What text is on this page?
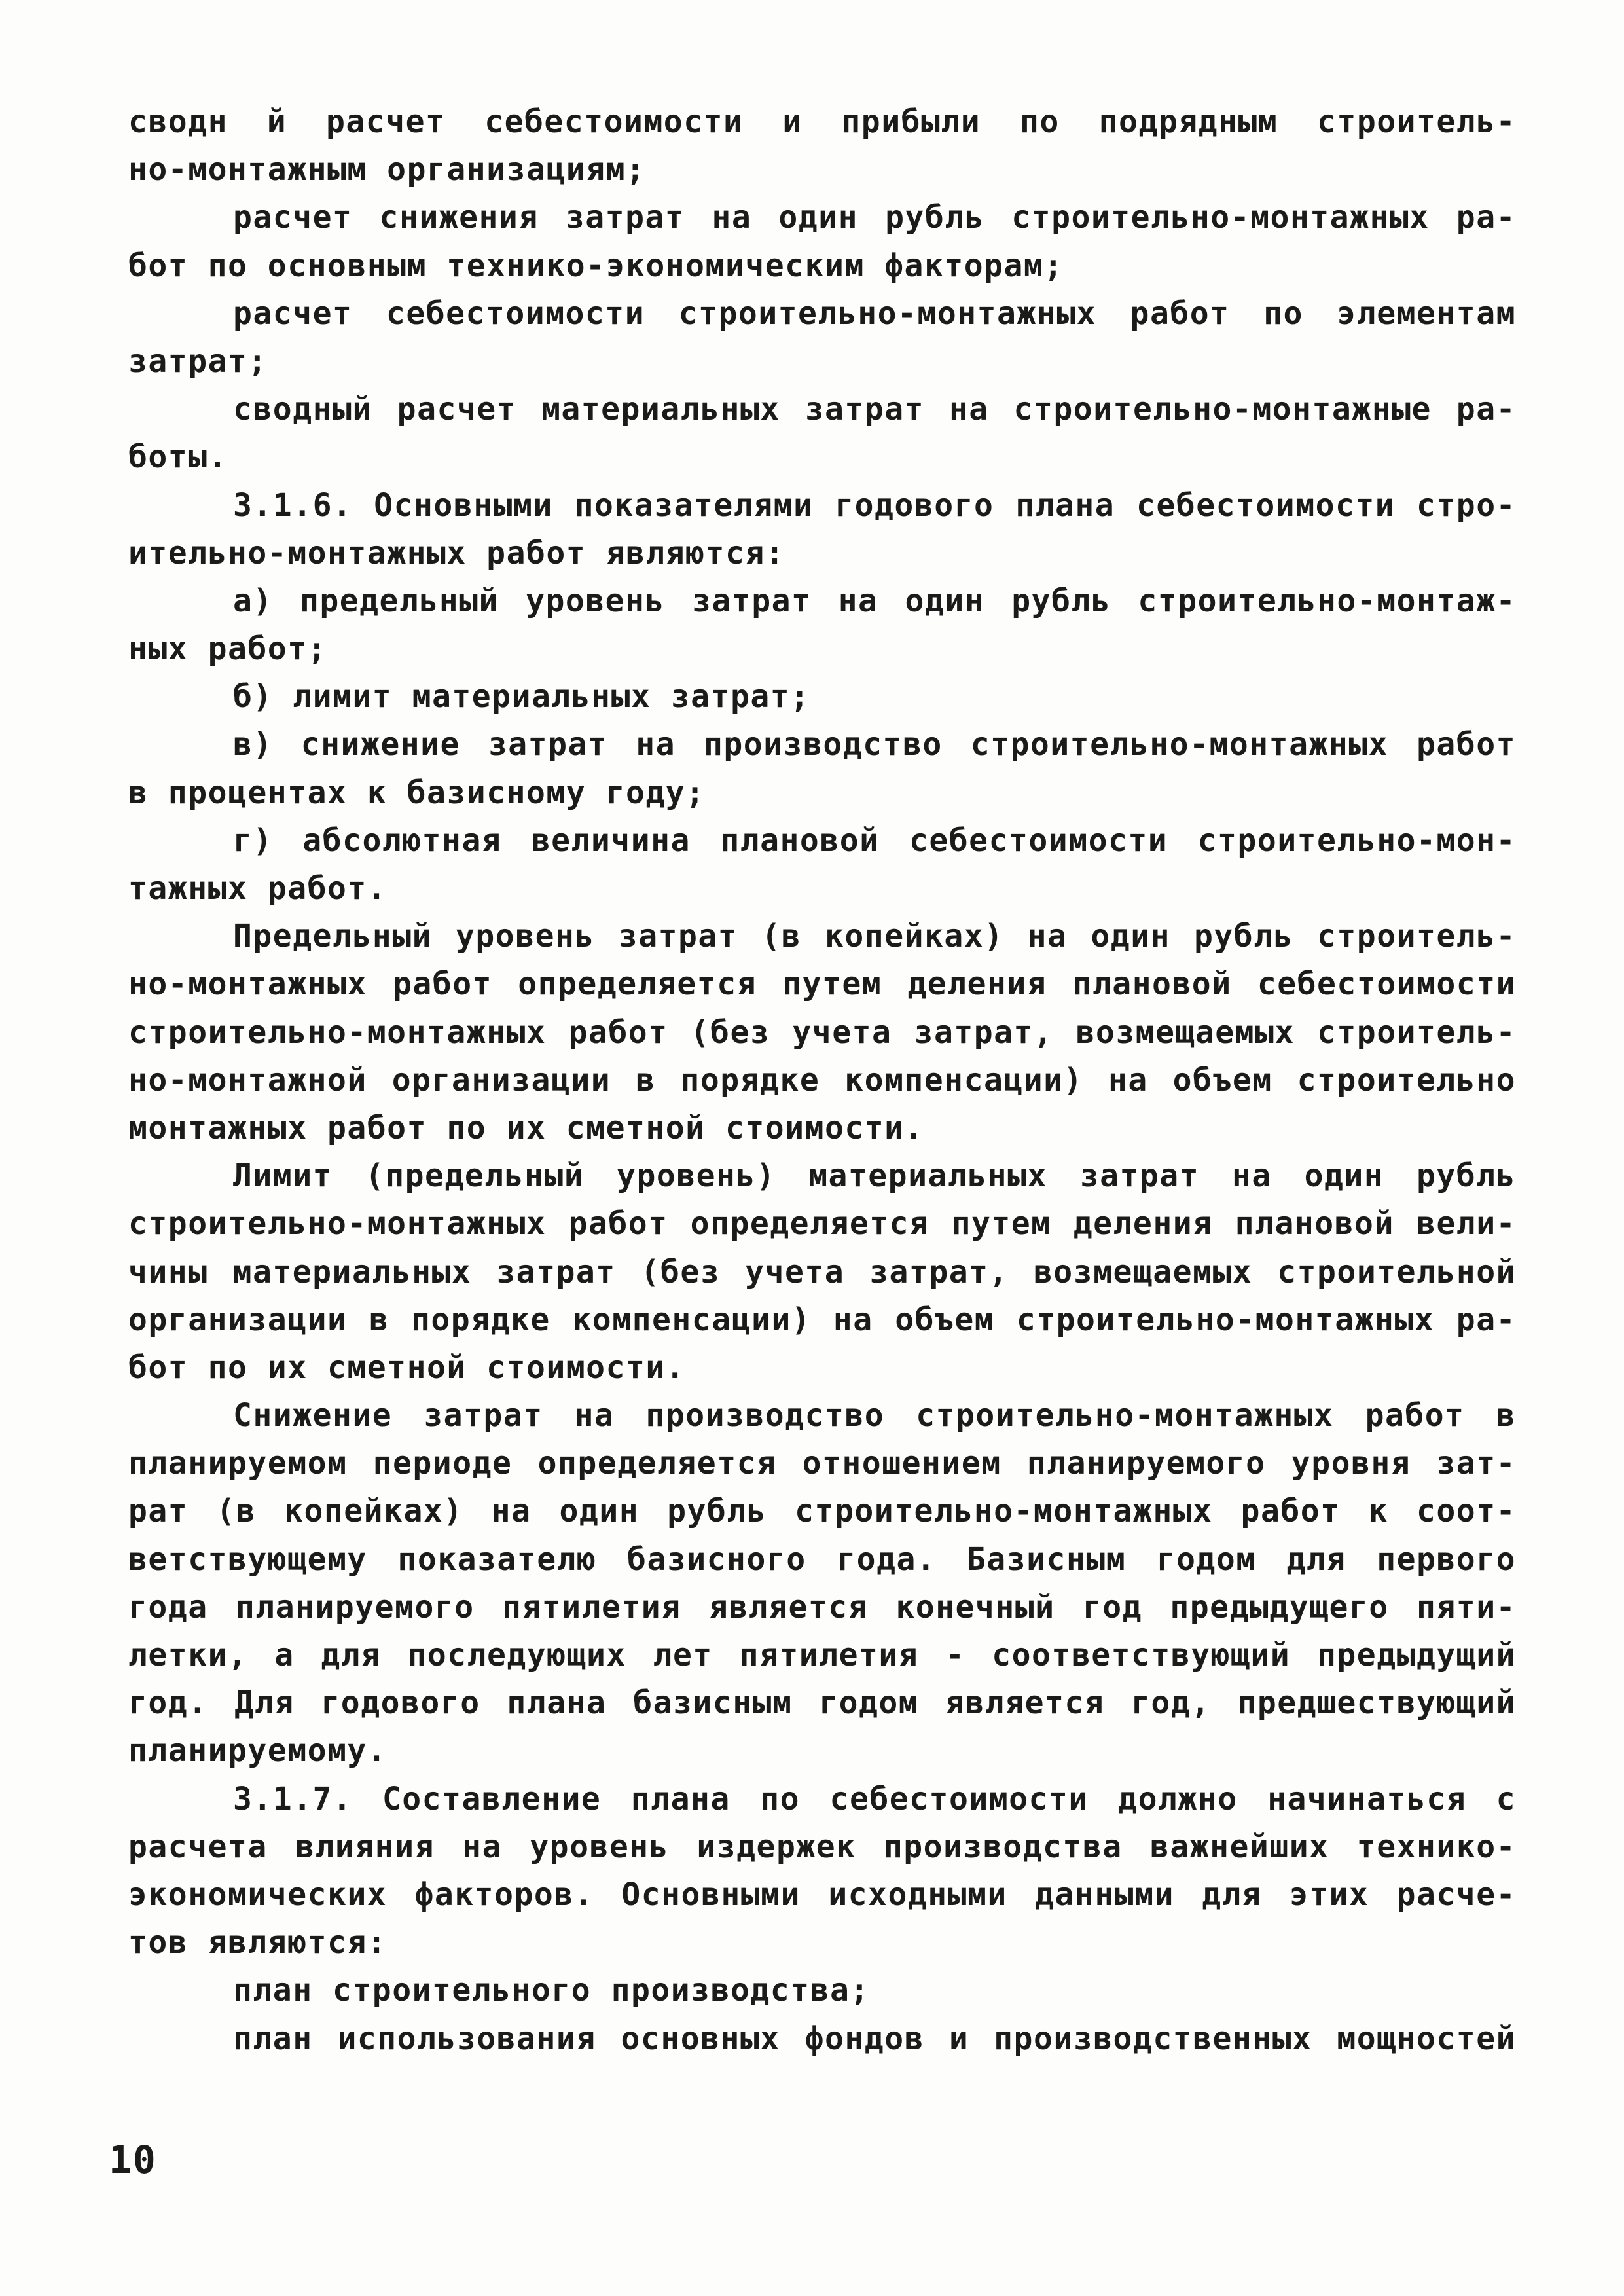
сводн й расчет себестоимости и прибыли по подрядным строитель-
но-монтажным организациям;
расчет снижения затрат на один рубль строительно-монтажных ра-
бот по основным технико-экономическим факторам;
расчет себестоимости строительно-монтажных работ по элементам
затрат;
сводный расчет материальных затрат на строительно-монтажные ра-
боты.
3.1.6. Основными показателями годового плана себестоимости стро-
ительно-монтажных работ являются:
а) предельный уровень затрат на один рубль строительно-монтаж-
ных работ;
б) лимит материальных затрат;
в) снижение затрат на производство строительно-монтажных работ
в процентах к базисному году;
г) абсолютная величина плановой себестоимости строительно-мон-
тажных работ.
Предельный уровень затрат (в копейках) на один рубль строитель-
но-монтажных работ определяется путем деления плановой себестоимости
строительно-монтажных работ (без учета затрат, возмещаемых строитель-
но-монтажной организации в порядке компенсации) на объем строительно
монтажных работ по их сметной стоимости.
Лимит (предельный уровень) материальных затрат на один рубль
строительно-монтажных работ определяется путем деления плановой вели-
чины материальных затрат (без учета затрат, возмещаемых строительной
организации в порядке компенсации) на объем строительно-монтажных ра-
бот по их сметной стоимости.
Снижение затрат на производство строительно-монтажных работ в
планируемом периоде определяется отношением планируемого уровня зат-
рат (в копейках) на один рубль строительно-монтажных работ к соот-
ветствующему показателю базисного года. Базисным годом для первого
года планируемого пятилетия является конечный год предыдущего пяти-
летки, а для последующих лет пятилетия - соответствующий предыдущий
год. Для годового плана базисным годом является год, предшествующий
планируемому.
3.1.7. Составление плана по себестоимости должно начинаться с
расчета влияния на уровень издержек производства важнейших технико-
экономических факторов. Основными исходными данными для этих расче-
тов являются:
план строительного производства;
план использования основных фондов и производственных мощностей
10
